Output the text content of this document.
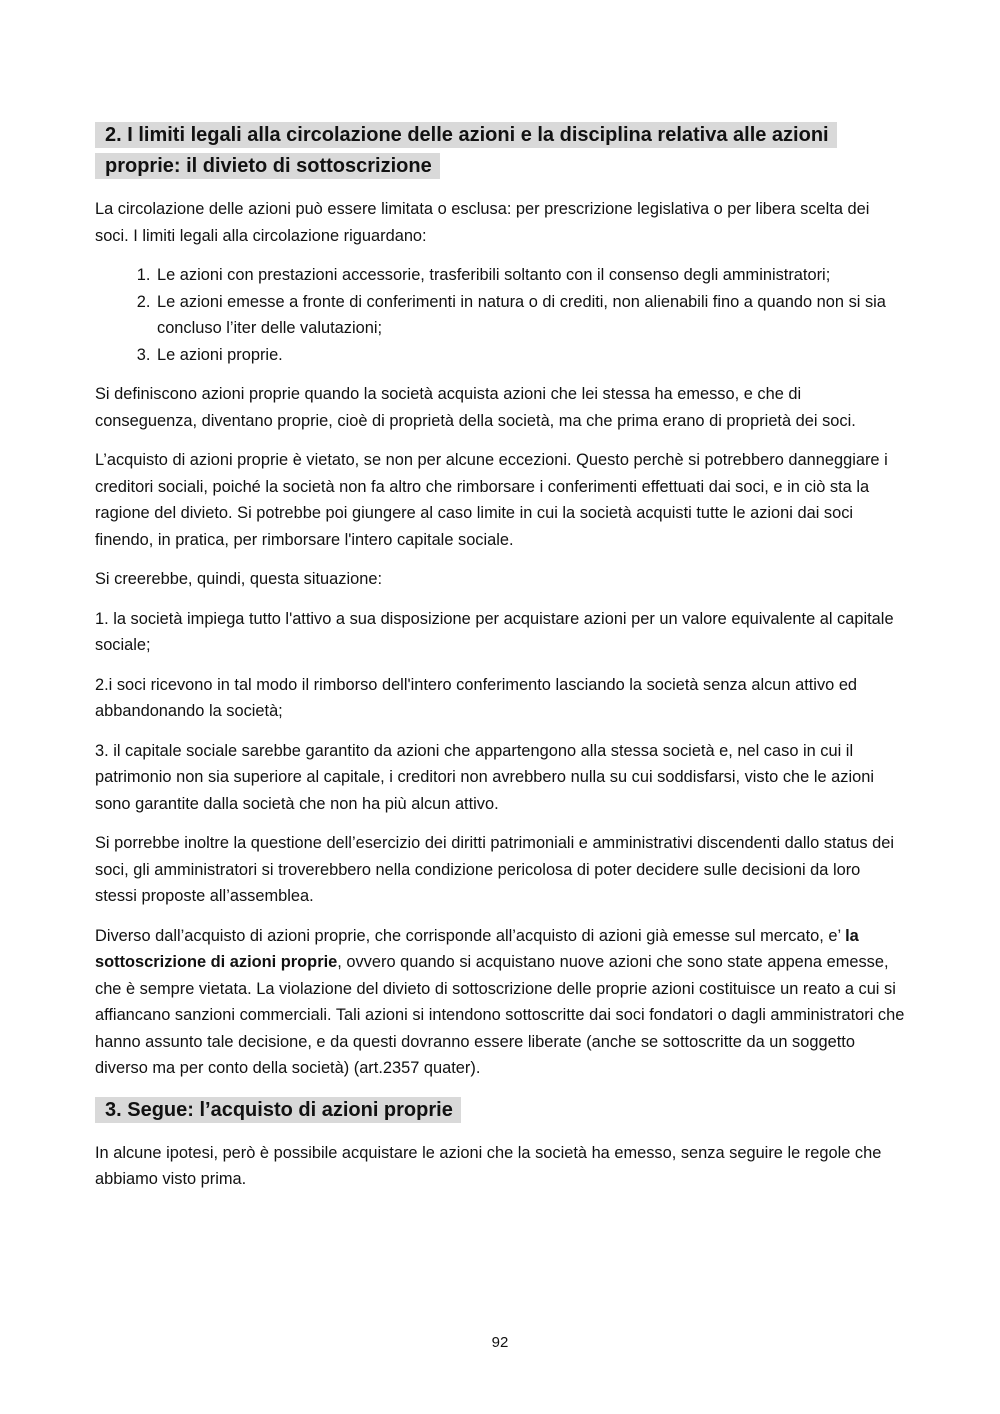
2. I limiti legali alla circolazione delle azioni e la disciplina relativa alle azioni proprie: il divieto di sottoscrizione

La circolazione delle azioni può essere limitata o esclusa: per prescrizione legislativa o per libera scelta dei soci. I limiti legali alla circolazione riguardano:

1. Le azioni con prestazioni accessorie, trasferibili soltanto con il consenso degli amministratori;
2. Le azioni emesse a fronte di conferimenti in natura o di crediti, non alienabili fino a quando non si sia concluso l’iter delle valutazioni;
3. Le azioni proprie.

Si definiscono azioni proprie quando la società acquista azioni che lei stessa ha emesso, e che di conseguenza, diventano proprie, cioè di proprietà della società, ma che prima erano di proprietà dei soci.

L’acquisto di azioni proprie è vietato, se non per alcune eccezioni. Questo perchè si potrebbero danneggiare i creditori sociali, poiché la società non fa altro che rimborsare i conferimenti effettuati dai soci, e in ciò sta la ragione del divieto. Si potrebbe poi giungere al caso limite in cui la società acquisti tutte le azioni dai soci finendo, in pratica, per rimborsare l'intero capitale sociale.

Si creerebbe, quindi, questa situazione:

1. la società impiega tutto l'attivo a sua disposizione per acquistare azioni per un valore equivalente al capitale sociale;

2.i soci ricevono in tal modo il rimborso dell'intero conferimento lasciando la società senza alcun attivo ed abbandonando la società;

3. il capitale sociale sarebbe garantito da azioni che appartengono alla stessa società e, nel caso in cui il patrimonio non sia superiore al capitale, i creditori non avrebbero nulla su cui soddisfarsi, visto che le azioni sono garantite dalla società che non ha più alcun attivo.

Si porrebbe inoltre la questione dell’esercizio dei diritti patrimoniali e amministrativi discendenti dallo status dei soci, gli amministratori si troverebbero nella condizione pericolosa di poter decidere sulle decisioni da loro stessi proposte all’assemblea.

Diverso dall’acquisto di azioni proprie, che corrisponde all’acquisto di azioni già emesse sul mercato, e’ la sottoscrizione di azioni proprie, ovvero quando si acquistano nuove azioni che sono state appena emesse, che è sempre vietata. La violazione del divieto di sottoscrizione delle proprie azioni costituisce un reato a cui si affiancano sanzioni commerciali. Tali azioni si intendono sottoscritte dai soci fondatori o dagli amministratori che hanno assunto tale decisione, e da questi dovranno essere liberate (anche se sottoscritte da un soggetto diverso ma per conto della società) (art.2357 quater).

3. Segue: l’acquisto di azioni proprie

In alcune ipotesi, però è possibile acquistare le azioni che la società ha emesso, senza seguire le regole che abbiamo visto prima.

92
